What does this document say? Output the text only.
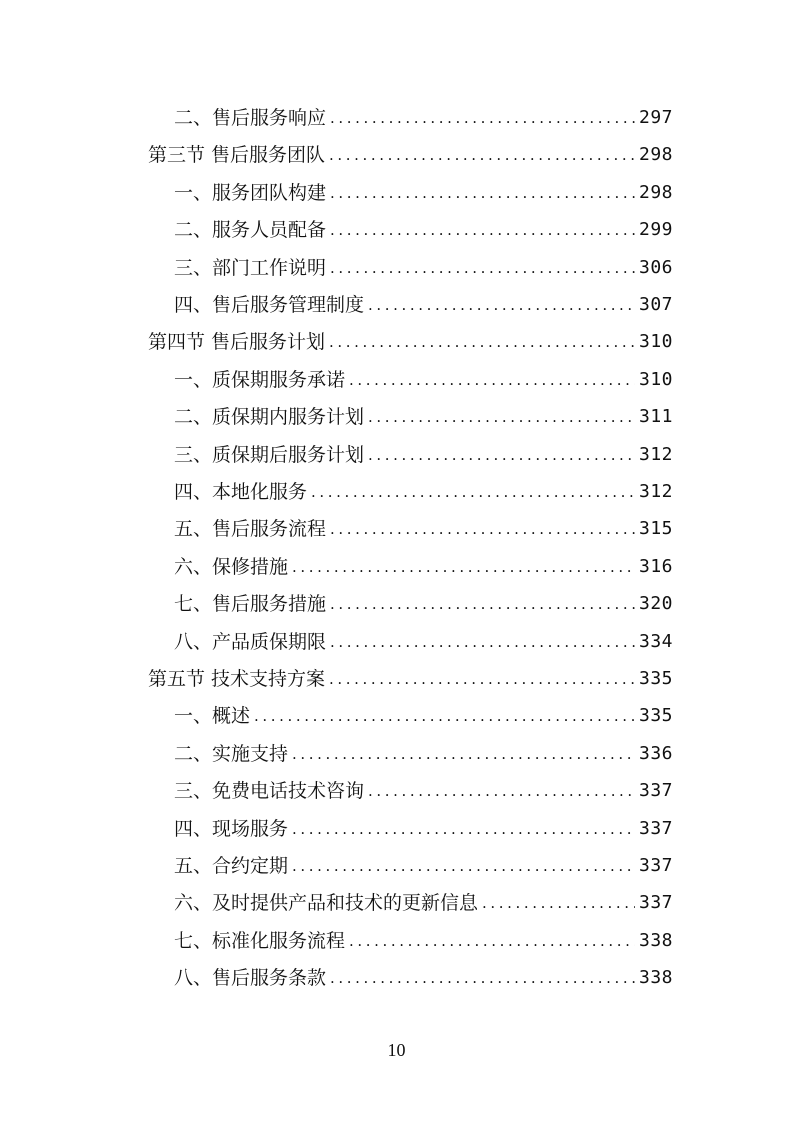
二、售后服务响应 .....	297
第三节 售后服务团队 .....	298
一、服务团队构建 .....	298
二、服务人员配备 .....	299
三、部门工作说明 .....	306
四、售后服务管理制度 .....	307
第四节 售后服务计划 .....	310
一、质保期服务承诺 .....	310
二、质保期内服务计划 .....	311
三、质保期后服务计划 .....	312
四、本地化服务 .....	312
五、售后服务流程 .....	315
六、保修措施 .....	316
七、售后服务措施 .....	320
八、产品质保期限 .....	334
第五节 技术支持方案 .....	335
一、概述 .....	335
二、实施支持 .....	336
三、免费电话技术咨询 .....	337
四、现场服务 .....	337
五、合约定期 .....	337
六、及时提供产品和技术的更新信息 .....	337
七、标准化服务流程 .....	338
八、售后服务条款 .....	338
10
